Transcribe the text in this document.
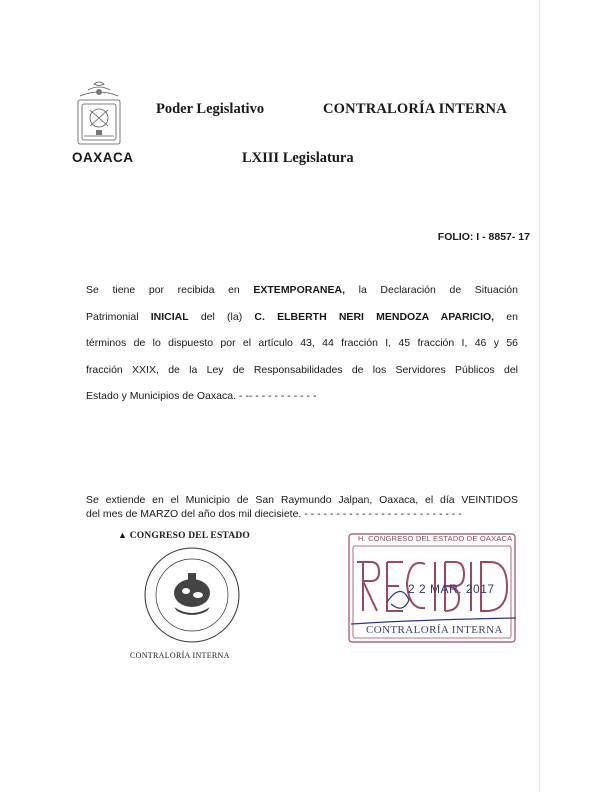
OAXACA
Poder Legislativo	CONTRALORÍA INTERNA
LXIII Legislatura
FOLIO: I - 8857- 17
Se tiene por recibida en EXTEMPORANEA, la Declaración de Situación
Patrimonial INICIAL del (la) C. ELBERTH NERI MENDOZA APARICIO, en
términos de lo dispuesto por el artículo 43, 44 fracción I, 45 fracción I, 46 y 56
fracción XXIX, de la Ley de Responsabilidades de los Servidores Públicos del
Estado y Municipios de Oaxaca. - -- - - - - - - - - - -
Se extiende en el Municipio de San Raymundo Jalpan, Oaxaca, el día VEINTIDOS
del mes de MARZO del año dos mil diecisiete. - - - - - - - - - - - - - - - - - - - - - - - - -
▲ CONGRESO DEL ESTADO
CONTRALORÍA INTERNA
H. CONGRESO DEL ESTADO DE OAXACA
2 2 MAR. 2017
CONTRALORÍA INTERNA
